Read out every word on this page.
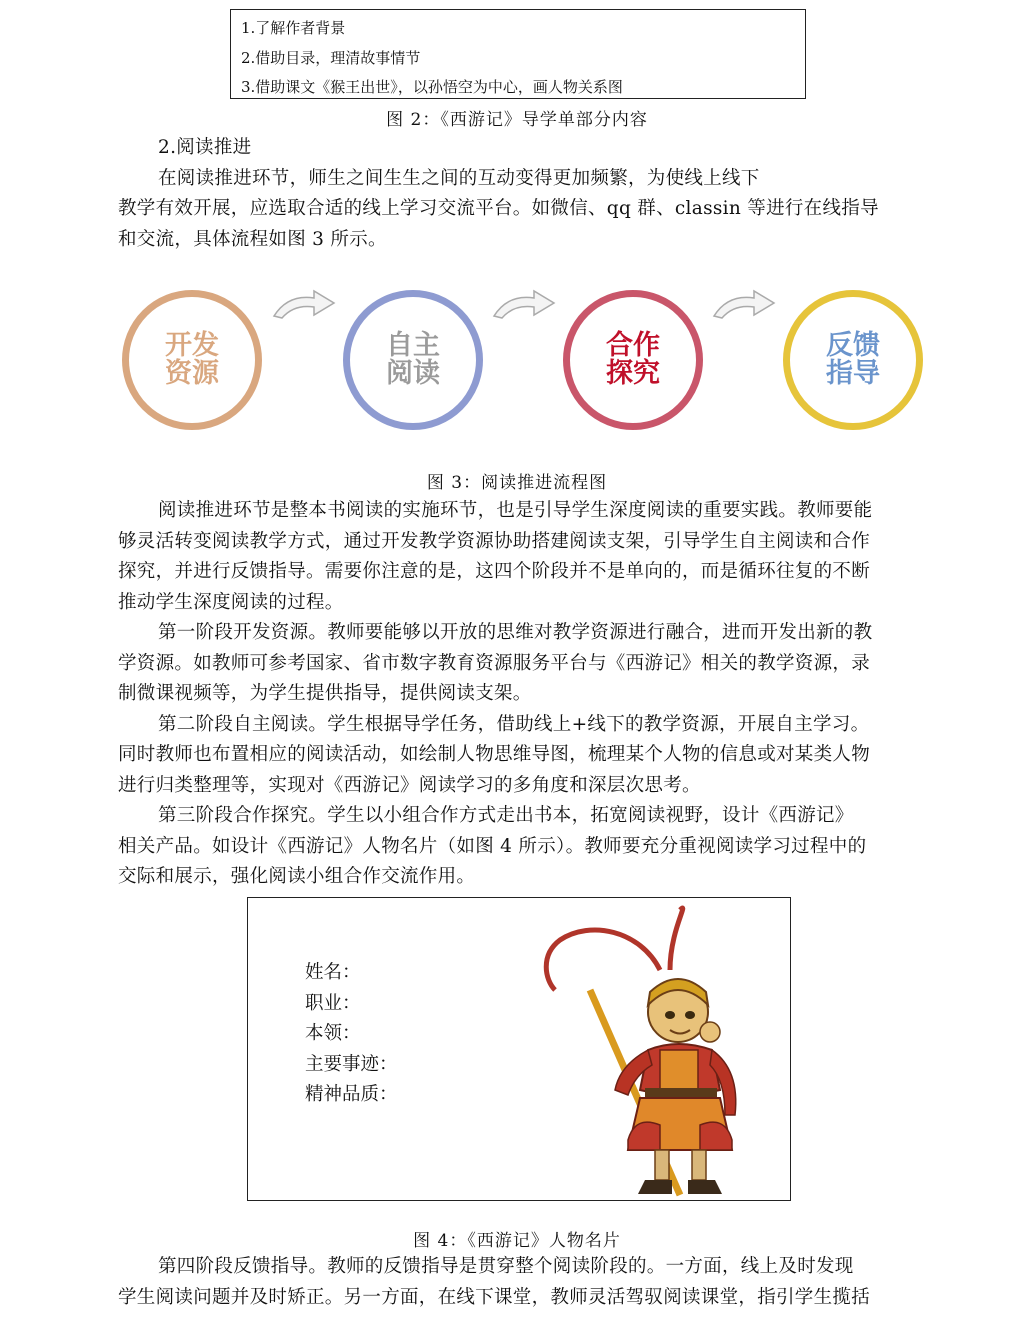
1.了解作者背景
2.借助目录，理清故事情节
3.借助课文《猴王出世》，以孙悟空为中心，画人物关系图
图 2：《西游记》导学单部分内容

2.阅读推进

在阅读推进环节，师生之间生生之间的互动变得更加频繁，为使线上线下

教学有效开展，应选取合适的线上学习交流平台。如微信、qq 群、classin 等进行在线指导

和交流，具体流程如图 3 所示。

开发
资源
自主
阅读
合作
探究
反馈
指导
图 3：阅读推进流程图

阅读推进环节是整本书阅读的实施环节，也是引导学生深度阅读的重要实践。教师要能

够灵活转变阅读教学方式，通过开发教学资源协助搭建阅读支架，引导学生自主阅读和合作

探究，并进行反馈指导。需要你注意的是，这四个阶段并不是单向的，而是循环往复的不断

推动学生深度阅读的过程。

第一阶段开发资源。教师要能够以开放的思维对教学资源进行融合，进而开发出新的教

学资源。如教师可参考国家、省市数字教育资源服务平台与《西游记》相关的教学资源，录

制微课视频等，为学生提供指导，提供阅读支架。

第二阶段自主阅读。学生根据导学任务，借助线上+线下的教学资源，开展自主学习。

同时教师也布置相应的阅读活动，如绘制人物思维导图，梳理某个人物的信息或对某类人物

进行归类整理等，实现对《西游记》阅读学习的多角度和深层次思考。

第三阶段合作探究。学生以小组合作方式走出书本，拓宽阅读视野，设计《西游记》

相关产品。如设计《西游记》人物名片（如图 4 所示）。教师要充分重视阅读学习过程中的

交际和展示，强化阅读小组合作交流作用。

姓名：
职业：
本领：
主要事迹：
精神品质：
图 4：《西游记》人物名片

第四阶段反馈指导。教师的反馈指导是贯穿整个阅读阶段的。一方面，线上及时发现

学生阅读问题并及时矫正。另一方面，在线下课堂，教师灵活驾驭阅读课堂，指引学生揽括
